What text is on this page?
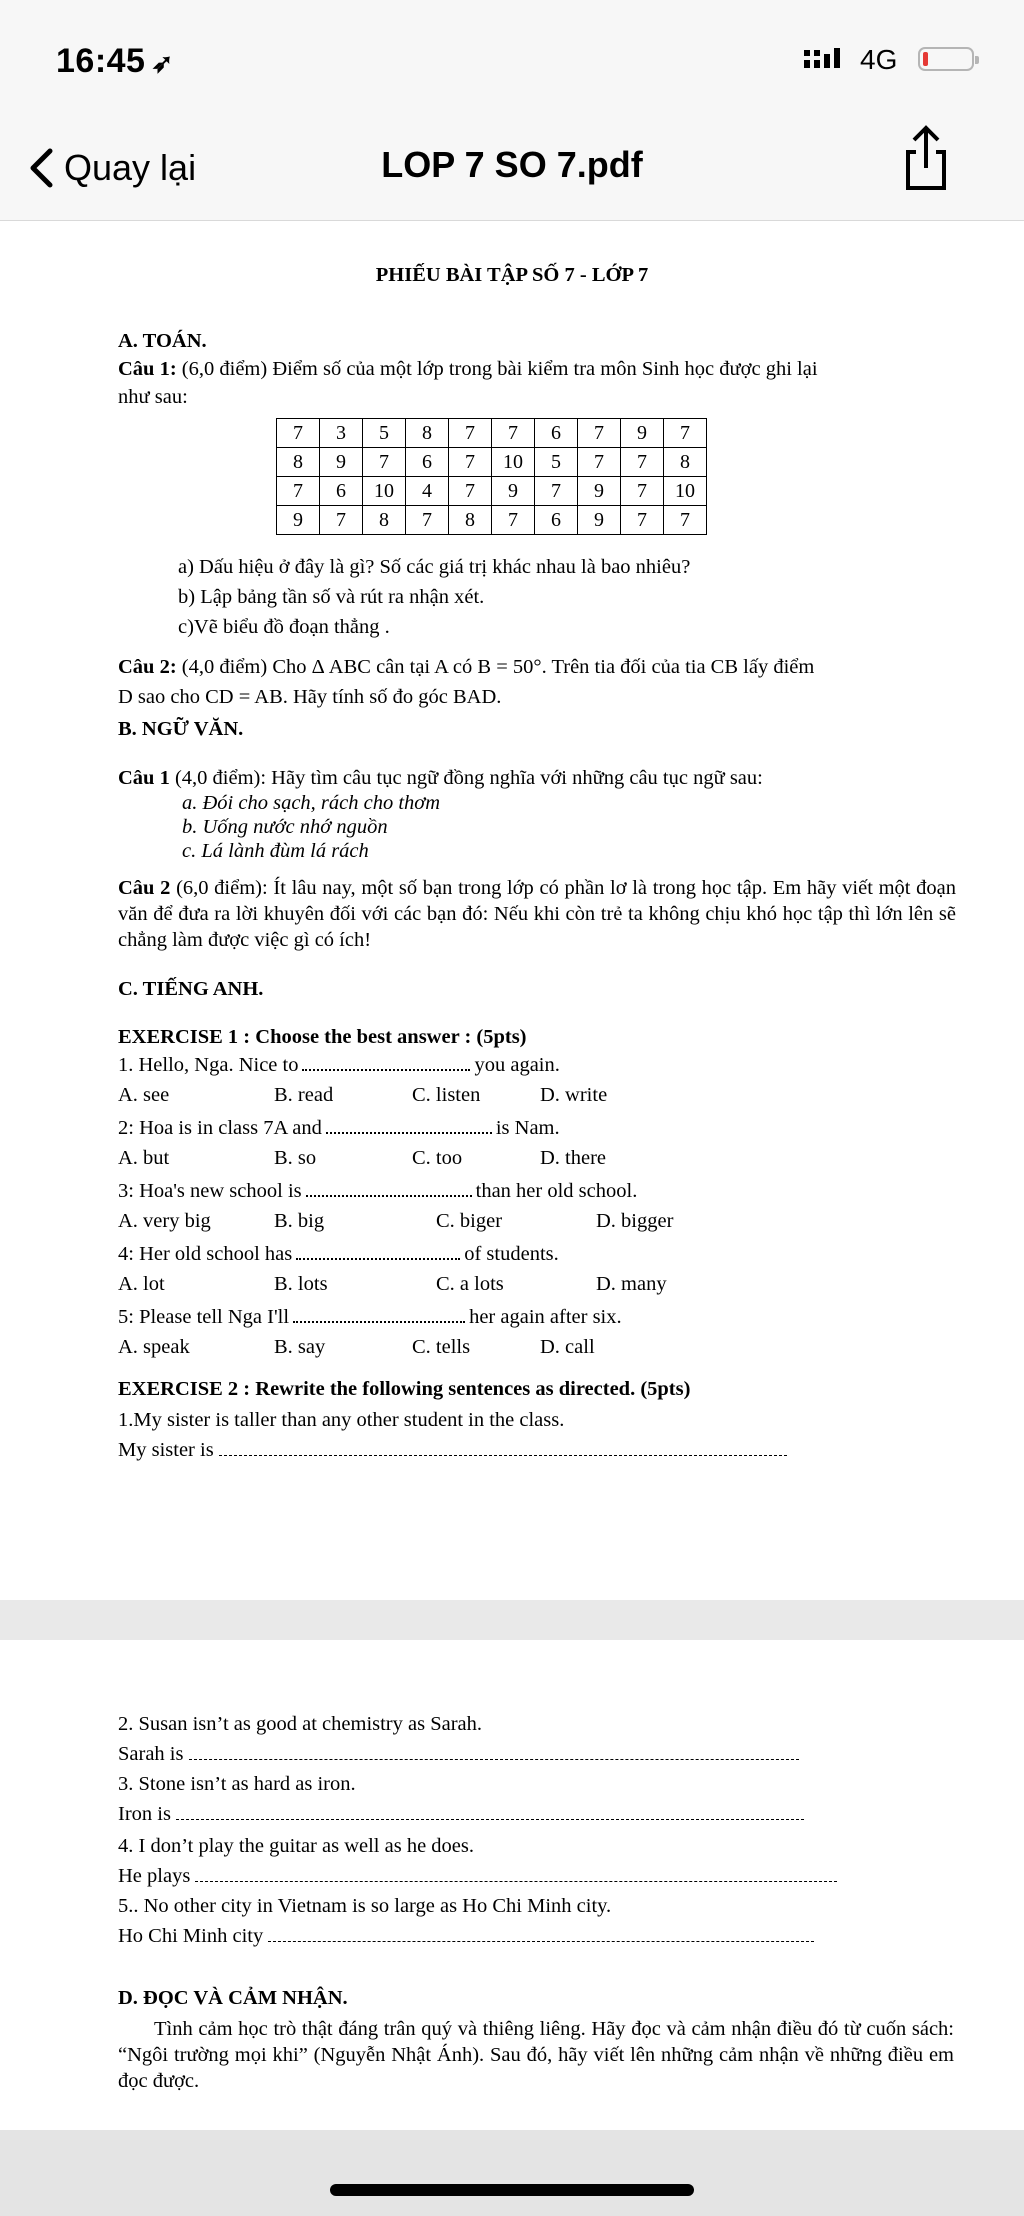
16:45 ➶	4G
Quay lại	LOP 7 SO 7.pdf
PHIẾU BÀI TẬP SỐ 7 - LỚP 7
A. TOÁN.
Câu 1: (6,0 điểm) Điểm số của một lớp trong bài kiểm tra môn Sinh học được ghi lại
như sau:
7	3	5	8	7	7	6	7	9	7
8	9	7	6	7	10	5	7	7	8
7	6	10	4	7	9	7	9	7	10
9	7	8	7	8	7	6	9	7	7
a) Dấu hiệu ở đây là gì? Số các giá trị khác nhau là bao nhiêu?
b) Lập bảng tần số và rút ra nhận xét.
c)Vẽ biểu đồ đoạn thẳng .
Câu 2: (4,0 điểm) Cho Δ ABC cân tại A có B = 50°. Trên tia đối của tia CB lấy điểm
D sao cho CD = AB. Hãy tính số đo góc BAD.
B. NGỮ VĂN.
Câu 1 (4,0 điểm): Hãy tìm câu tục ngữ đồng nghĩa với những câu tục ngữ sau:
a. Đói cho sạch, rách cho thơm
b. Uống nước nhớ nguồn
c. Lá lành đùm lá rách
Câu 2 (6,0 điểm): Ít lâu nay, một số bạn trong lớp có phần lơ là trong học tập. Em hãy viết một đoạn văn để đưa ra lời khuyên đối với các bạn đó: Nếu khi còn trẻ ta không chịu khó học tập thì lớn lên sẽ chẳng làm được việc gì có ích!
C. TIẾNG ANH.
EXERCISE 1 : Choose the best answer : (5pts)
1. Hello, Nga. Nice to	you again.
A. see	B. read	C. listen	D. write
2: Hoa is in class 7A and	is Nam.
A. but	B. so	C. too	D. there
3: Hoa's new school is	than her old school.
A. very big	B. big	C. biger	D. bigger
4: Her old school has	of students.
A. lot	B. lots	C. a lots	D. many
5: Please tell Nga I'll	her again after six.
A. speak	B. say	C. tells	D. call
EXERCISE 2 : Rewrite the following sentences as directed. (5pts)
1.My sister is taller than any other student in the class.
My sister is
2. Susan isn’t as good at chemistry as Sarah.
Sarah is
3. Stone isn’t as hard as iron.
Iron is
4. I don’t play the guitar as well as he does.
He plays
5.. No other city in Vietnam is so large as Ho Chi Minh city.
Ho Chi Minh city
D. ĐỌC VÀ CẢM NHẬN.
Tình cảm học trò thật đáng trân quý và thiêng liêng. Hãy đọc và cảm nhận điều đó từ cuốn sách: “Ngôi trường mọi khi” (Nguyễn Nhật Ánh). Sau đó, hãy viết lên những cảm nhận về những điều em đọc được.
